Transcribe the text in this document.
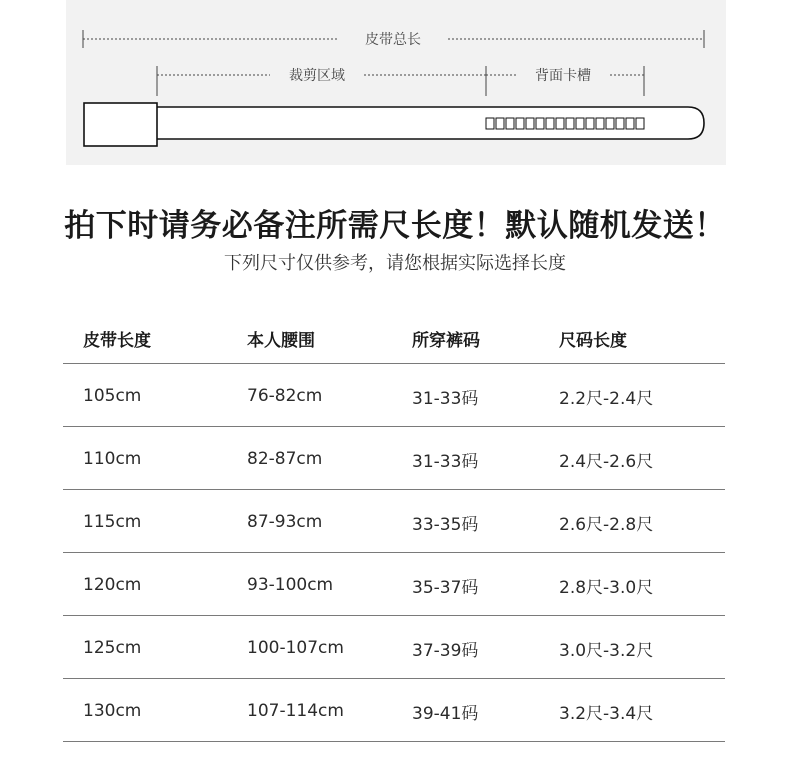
皮带总长
裁剪区域	背面卡槽
拍下时请务必备注所需尺长度！默认随机发送！
下列尺寸仅供参考，请您根据实际选择长度
皮带长度	本人腰围	所穿裤码	尺码长度
105cm	76-82cm	31-33码	2.2尺-2.4尺
110cm	82-87cm	31-33码	2.4尺-2.6尺
115cm	87-93cm	33-35码	2.6尺-2.8尺
120cm	93-100cm	35-37码	2.8尺-3.0尺
125cm	100-107cm	37-39码	3.0尺-3.2尺
130cm	107-114cm	39-41码	3.2尺-3.4尺
